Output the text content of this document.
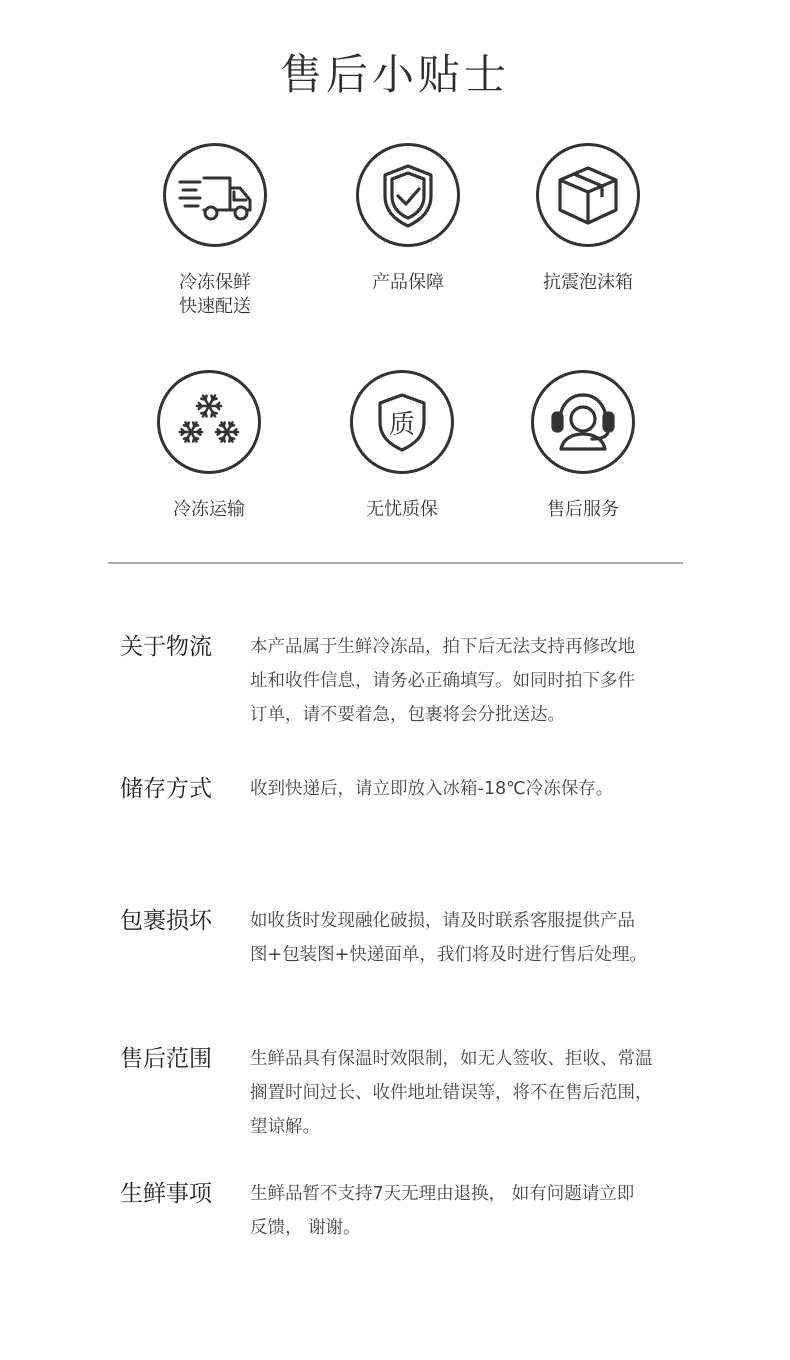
售后小贴士
冷冻保鲜
快速配送
产品保障	抗震泡沫箱
冷冻运输
质
无忧质保	售后服务
关于物流	本产品属于生鲜冷冻品，拍下后无法支持再修改地
址和收件信息，请务必正确填写。如同时拍下多件
订单，请不要着急，包裹将会分批送达。
储存方式	收到快递后，请立即放入冰箱-18℃冷冻保存。
包裹损坏	如收货时发现融化破损，请及时联系客服提供产品
图+包装图+快递面单，我们将及时进行售后处理。
售后范围	生鲜品具有保温时效限制，如无人签收、拒收、常温
搁置时间过长、收件地址错误等，将不在售后范围，
望谅解。
生鲜事项	生鲜品暂不支持7天无理由退换， 如有问题请立即
反馈， 谢谢。
